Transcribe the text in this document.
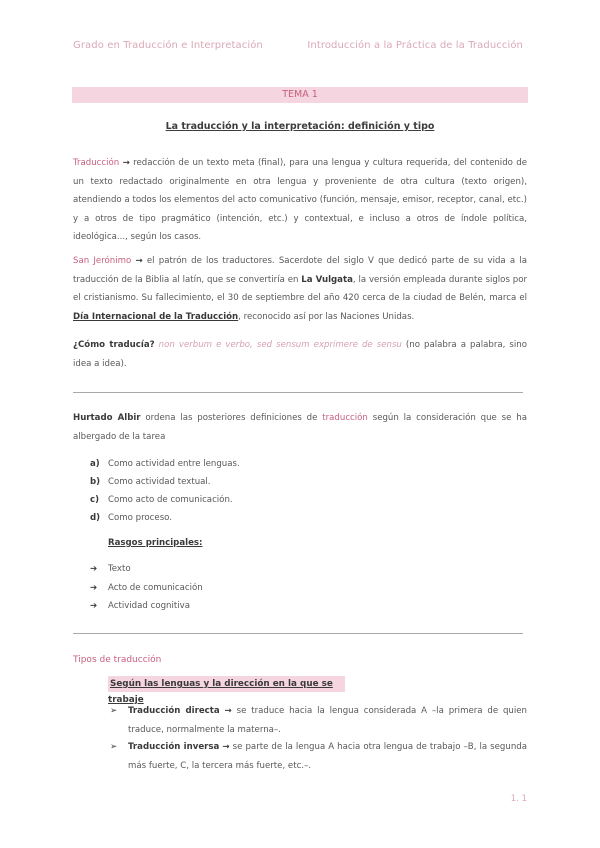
Grado en Traducción e Interpretación	Introducción a la Práctica de la Traducción
TEMA 1
La traducción y la interpretación: definición y tipo
Traducción → redacción de un texto meta (final), para una lengua y cultura requerida, del contenido de un texto redactado originalmente en otra lengua y proveniente de otra cultura (texto origen), atendiendo a todos los elementos del acto comunicativo (función, mensaje, emisor, receptor, canal, etc.) y a otros de tipo pragmático (intención, etc.) y contextual, e incluso a otros de índole política, ideológica..., según los casos.
San Jerónimo → el patrón de los traductores. Sacerdote del siglo V que dedicó parte de su vida a la traducción de la Biblia al latín, que se convertiría en La Vulgata, la versión empleada durante siglos por el cristianismo. Su fallecimiento, el 30 de septiembre del año 420 cerca de la ciudad de Belén, marca el Día Internacional de la Traducción, reconocido así por las Naciones Unidas.
¿Cómo traducía? non verbum e verbo, sed sensum exprimere de sensu (no palabra a palabra, sino idea a idea).
Hurtado Albir ordena las posteriores definiciones de traducción según la consideración que se ha albergado de la tarea
a) Como actividad entre lenguas.
b) Como actividad textual.
c) Como acto de comunicación.
d) Como proceso.
Rasgos principales:
➔ Texto
➔ Acto de comunicación
➔ Actividad cognitiva
Tipos de traducción
Según las lenguas y la dirección en la que se trabaje
➢ Traducción directa → se traduce hacia la lengua considerada A –la primera de quien traduce, normalmente la materna–.
➢ Traducción inversa → se parte de la lengua A hacia otra lengua de trabajo –B, la segunda más fuerte, C, la tercera más fuerte, etc.–.
1. 1
